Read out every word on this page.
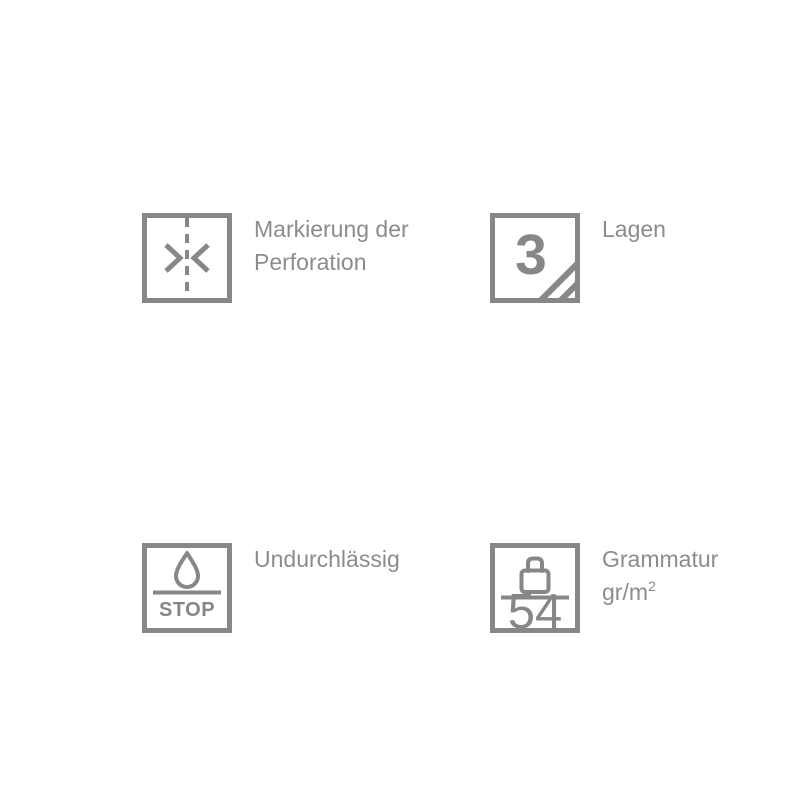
Markierung der
Perforation	3	Lagen
STOP
Undurchlässig
54
Grammatur
$gr/m^2$
